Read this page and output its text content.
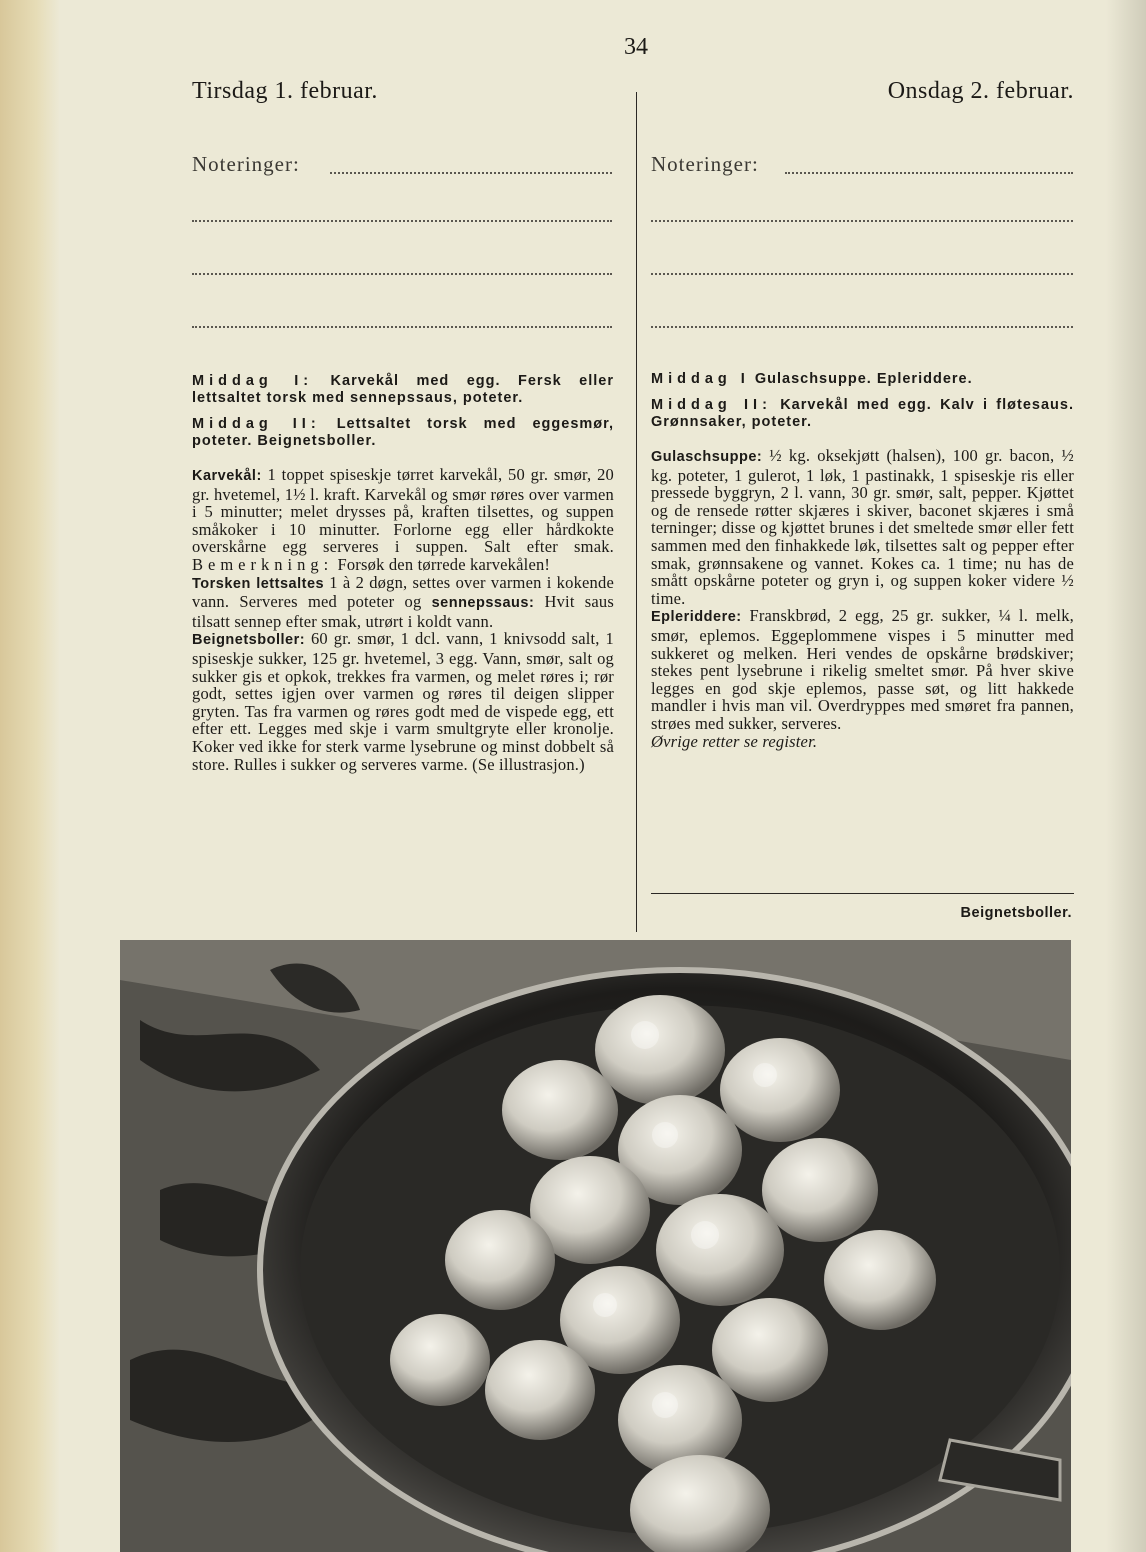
34
Tirsdag 1. februar.	Onsdag 2. februar.
Noteringer:	Noteringer:

Middag I: Karvekål med egg. Fersk eller lettsaltet torsk med sennepssaus, poteter.

Middag II: Lettsaltet torsk med eggesmør, poteter. Beignetsboller.

Karvekål: 1 toppet spiseskje tørret karvekål, 50 gr. smør, 20 gr. hvetemel, 1½ l. kraft. Karvekål og smør røres over varmen i 5 minutter; melet drysses på, kraften tilsettes, og suppen småkoker i 10 minutter. Forlorne egg eller hårdkokte overskårne egg serveres i suppen. Salt efter smak. Bemerkning: Forsøk den tørrede karvekålen!

Torsken lettsaltes 1 à 2 døgn, settes over varmen i kokende vann. Serveres med poteter og sennepssaus: Hvit saus tilsatt sennep efter smak, utrørt i koldt vann.

Beignetsboller: 60 gr. smør, 1 dcl. vann, 1 knivsodd salt, 1 spiseskje sukker, 125 gr. hvetemel, 3 egg. Vann, smør, salt og sukker gis et opkok, trekkes fra varmen, og melet røres i; rør godt, settes igjen over varmen og røres til deigen slipper gryten. Tas fra varmen og røres godt med de vispede egg, ett efter ett. Legges med skje i varm smultgryte eller kronolje. Koker ved ikke for sterk varme lysebrune og minst dobbelt så store. Rulles i sukker og serveres varme. (Se illustrasjon.)

Middag I Gulaschsuppe. Epleriddere.

Middag II: Karvekål med egg. Kalv i fløtesaus. Grønnsaker, poteter.

Gulaschsuppe: ½ kg. oksekjøtt (halsen), 100 gr. bacon, ½ kg. poteter, 1 gulerot, 1 løk, 1 pastinakk, 1 spiseskje ris eller pressede byggryn, 2 l. vann, 30 gr. smør, salt, pepper. Kjøttet og de rensede røtter skjæres i skiver, baconet skjæres i små terninger; disse og kjøttet brunes i det smeltede smør eller fett sammen med den finhakkede løk, tilsettes salt og pepper efter smak, grønnsakene og vannet. Kokes ca. 1 time; nu has de smått opskårne poteter og gryn i, og suppen koker videre ½ time.

Epleriddere: Franskbrød, 2 egg, 25 gr. sukker, ¼ l. melk, smør, eplemos. Eggeplommene vispes i 5 minutter med sukkeret og melken. Heri vendes de opskårne brødskiver; stekes pent lysebrune i rikelig smeltet smør. På hver skive legges en god skje eplemos, passe søt, og litt hakkede mandler i hvis man vil. Overdryppes med smøret fra pannen, strøes med sukker, serveres.

Øvrige retter se register.

Beignetsboller.
